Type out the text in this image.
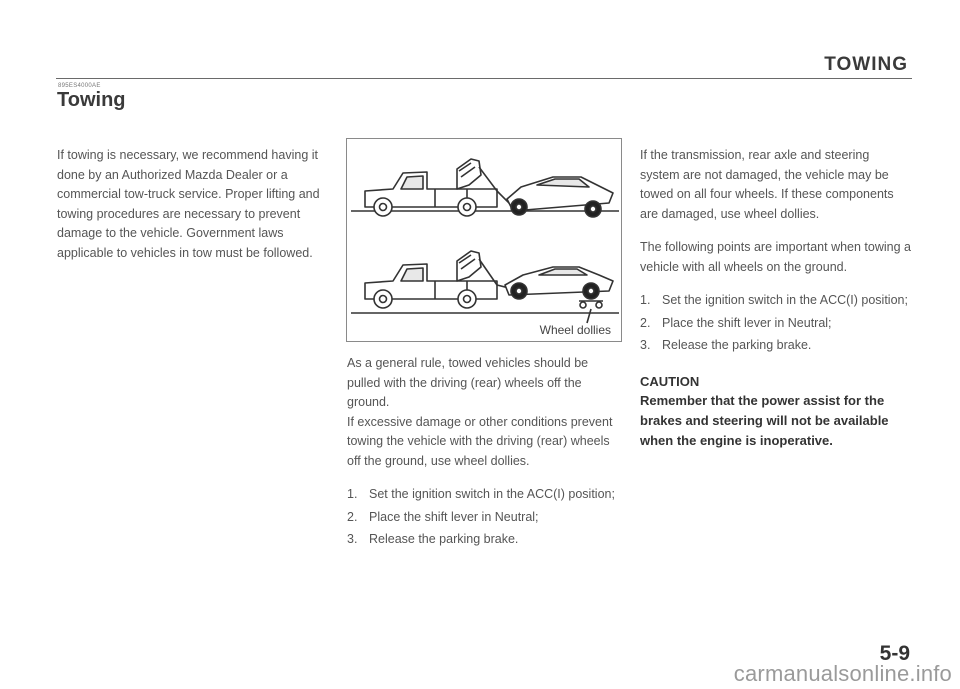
TOWING
895ES4000AE
Towing

If towing is necessary, we recommend having it done by an Authorized Mazda Dealer or a commercial tow-truck service. Proper lifting and towing procedures are necessary to prevent damage to the vehicle. Government laws applicable to vehicles in tow must be followed.

Wheel dollies

As a general rule, towed vehicles should be pulled with the driving (rear) wheels off the ground.

If excessive damage or other conditions prevent towing the vehicle with the driving (rear) wheels off the ground, use wheel dollies.

1. Set the ignition switch in the ACC(I) position;
2. Place the shift lever in Neutral;
3. Release the parking brake.

If the transmission, rear axle and steering system are not damaged, the vehicle may be towed on all four wheels. If these components are damaged, use wheel dollies.

The following points are important when towing a vehicle with all wheels on the ground.

1. Set the ignition switch in the ACC(I) position;
2. Place the shift lever in Neutral;
3. Release the parking brake.
CAUTION
Remember that the power assist for the brakes and steering will not be available when the engine is inoperative.
5-9
carmanualsonline.info
